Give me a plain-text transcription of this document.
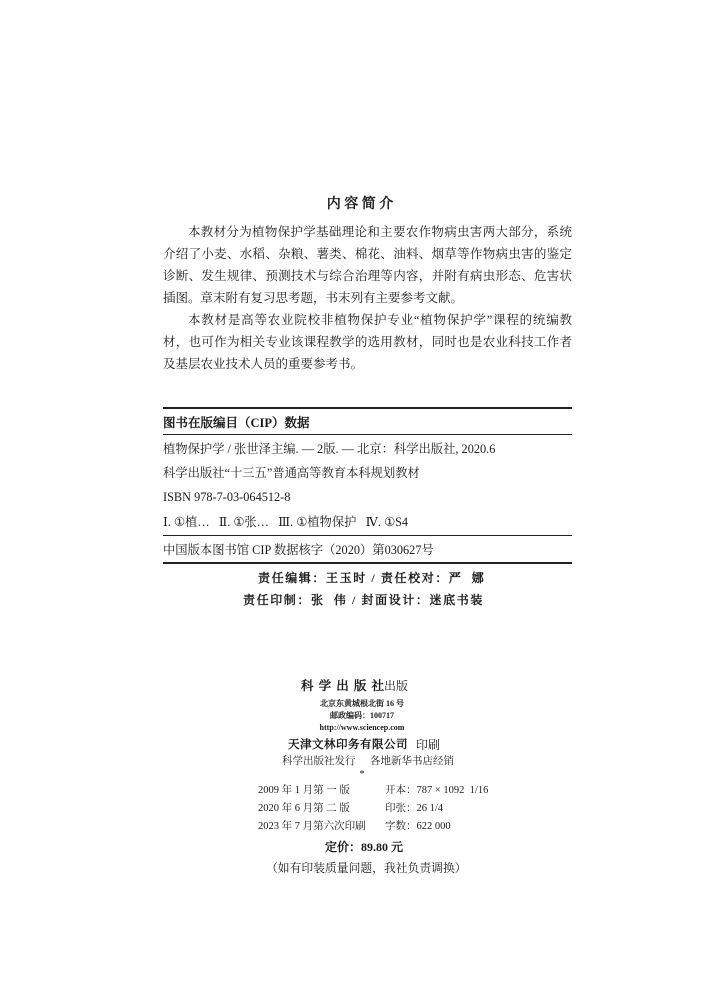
内 容 简 介
本教材分为植物保护学基础理论和主要农作物病虫害两大部分，系统
介绍了小麦、水稻、杂粮、薯类、棉花、油料、烟草等作物病虫害的鉴定
诊断、发生规律、预测技术与综合治理等内容，并附有病虫形态、危害状
插图。章末附有复习思考题，书末列有主要参考文献。
本教材是高等农业院校非植物保护专业“植物保护学”课程的统编教
材，也可作为相关专业该课程教学的选用教材，同时也是农业科技工作者
及基层农业技术人员的重要参考书。
图书在版编目（CIP）数据
植物保护学 / 张世泽主编. — 2版. — 北京：科学出版社, 2020.6
科学出版社“十三五”普通高等教育本科规划教材
ISBN 978-7-03-064512-8
Ⅰ. ①植…   Ⅱ. ①张…   Ⅲ. ①植物保护   Ⅳ. ①S4
中国版本图书馆 CIP 数据核字（2020）第030627号
责任编辑：王玉时 / 责任校对：严  娜
责任印制：张  伟 / 封面设计：迷底书装
科 学 出 版 社
出版
北京东黄城根北街 16 号
邮政编码：100717
http://www.sciencep.com
天津文林印务有限公司 印刷
科学出版社发行 各地新华书店经销
*
2009 年 1 月第 一 版	开本：787 × 1092  1/16
2020 年 6 月第 二 版	印张：26 1/4
2023 年 7 月第六次印刷 字数：622 000
定价：89.80 元
（如有印装质量问题，我社负责调换）
